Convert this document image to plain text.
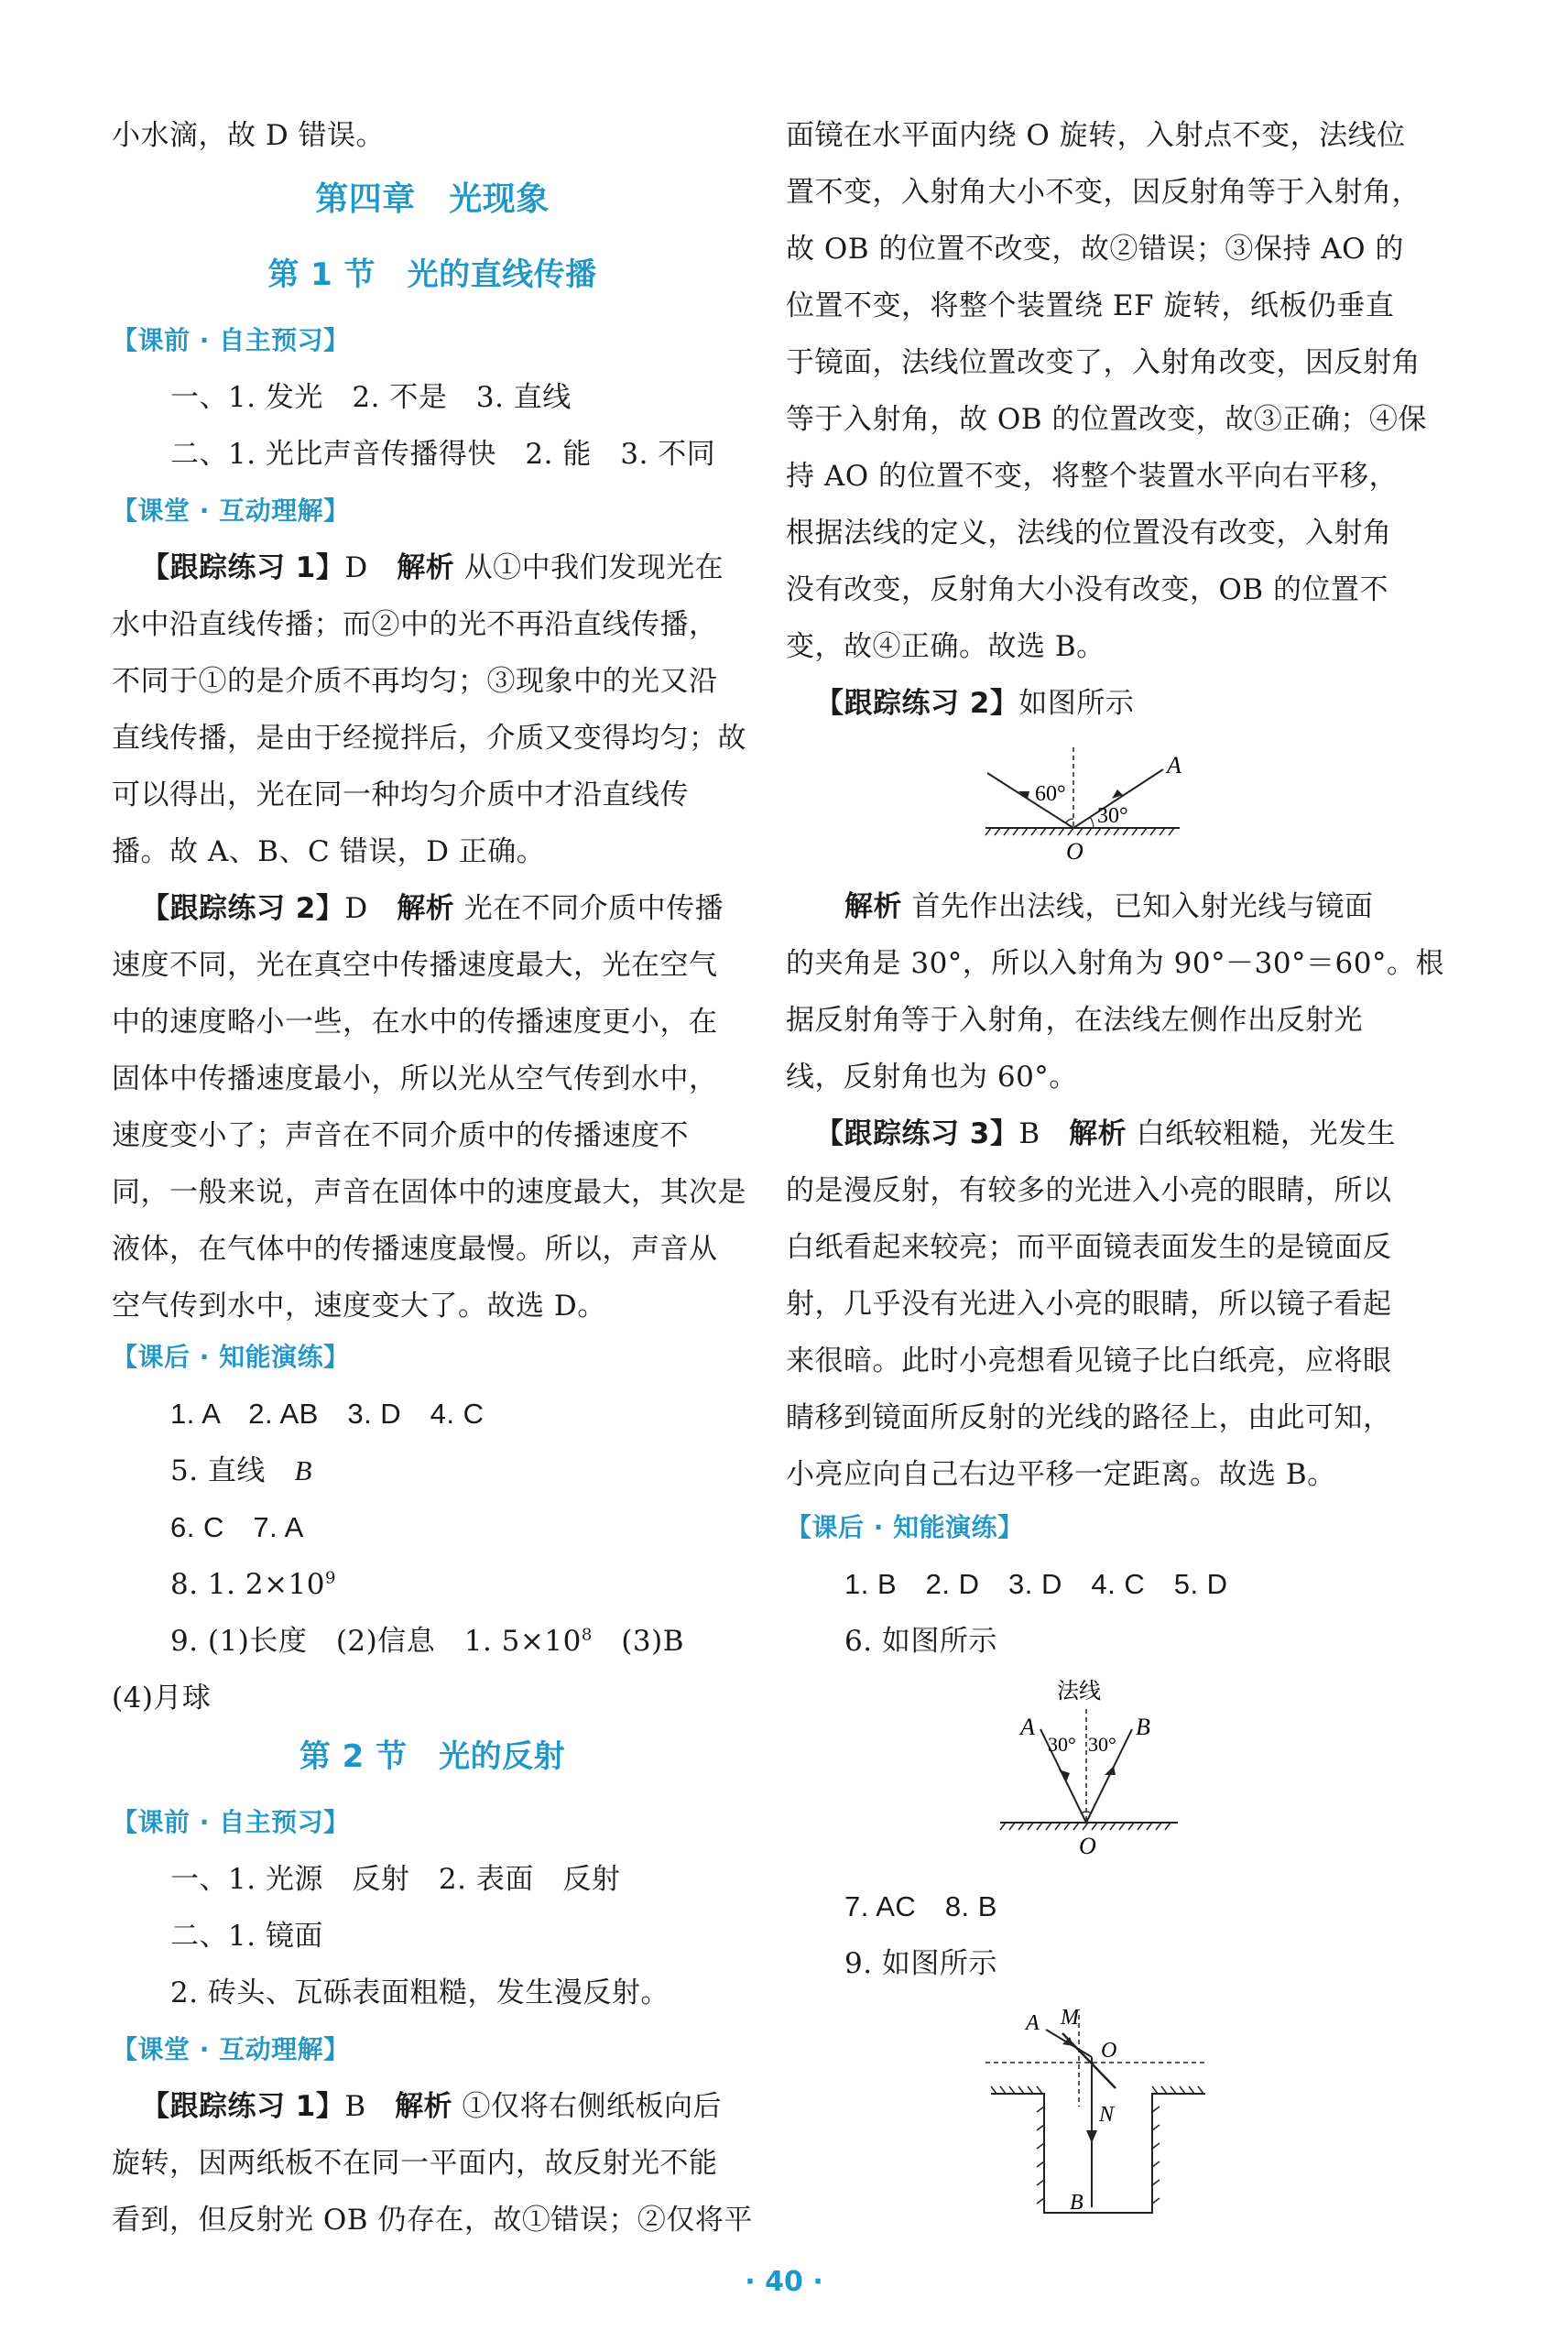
小水滴，故 D 错误。
第四章　光现象
第 1 节　光的直线传播
【课前 · 自主预习】
一、1. 发光　2. 不是　3. 直线
二、1. 光比声音传播得快　2. 能　3. 不同
【课堂 · 互动理解】
【跟踪练习 1】D　解析 从①中我们发现光在
水中沿直线传播；而②中的光不再沿直线传播，
不同于①的是介质不再均匀；③现象中的光又沿
直线传播，是由于经搅拌后，介质又变得均匀；故
可以得出，光在同一种均匀介质中才沿直线传
播。故 A、B、C 错误，D 正确。
【跟踪练习 2】D　解析 光在不同介质中传播
速度不同，光在真空中传播速度最大，光在空气
中的速度略小一些，在水中的传播速度更小，在
固体中传播速度最小，所以光从空气传到水中，
速度变小了；声音在不同介质中的传播速度不
同，一般来说，声音在固体中的速度最大，其次是
液体，在气体中的传播速度最慢。所以，声音从
空气传到水中，速度变大了。故选 D。
【课后 · 知能演练】
1. A　2. AB　3. D　4. C
5. 直线　B
6. C　7. A
8. 1. $2\times 10^9$
9. (1)长度　(2)信息　1. $5\times 10^8$　(3)B
(4)月球
第 2 节　光的反射
【课前 · 自主预习】
一、1. 光源　反射　2. 表面　反射
二、1. 镜面
2. 砖头、瓦砾表面粗糙，发生漫反射。
【课堂 · 互动理解】
【跟踪练习 1】B　解析 ①仅将右侧纸板向后
旋转，因两纸板不在同一平面内，故反射光不能
看到，但反射光 OB 仍存在，故①错误；②仅将平
面镜在水平面内绕 O 旋转，入射点不变，法线位
置不变，入射角大小不变，因反射角等于入射角，
故 OB 的位置不改变，故②错误；③保持 AO 的
位置不变，将整个装置绕 EF 旋转，纸板仍垂直
于镜面，法线位置改变了，入射角改变，因反射角
等于入射角，故 OB 的位置改变，故③正确；④保
持 AO 的位置不变，将整个装置水平向右平移，
根据法线的定义，法线的位置没有改变，入射角
没有改变，反射角大小没有改变，OB 的位置不
变，故④正确。故选 B。
【跟踪练习 2】如图所示
60°
30°
A
O
解析 首先作出法线，已知入射光线与镜面
的夹角是 30°，所以入射角为 90°－30°＝60°。根
据反射角等于入射角，在法线左侧作出反射光
线，反射角也为 60°。
【跟踪练习 3】B　解析 白纸较粗糙，光发生
的是漫反射，有较多的光进入小亮的眼睛，所以
白纸看起来较亮；而平面镜表面发生的是镜面反
射，几乎没有光进入小亮的眼睛，所以镜子看起
来很暗。此时小亮想看见镜子比白纸亮，应将眼
睛移到镜面所反射的光线的路径上，由此可知，
小亮应向自己右边平移一定距离。故选 B。
【课后 · 知能演练】
1. B　2. D　3. D　4. C　5. D
6. 如图所示
法线
A	B
30° 30°
O
7. AC　8. B
9. 如图所示
A M
O
N
B
· 40 ·
